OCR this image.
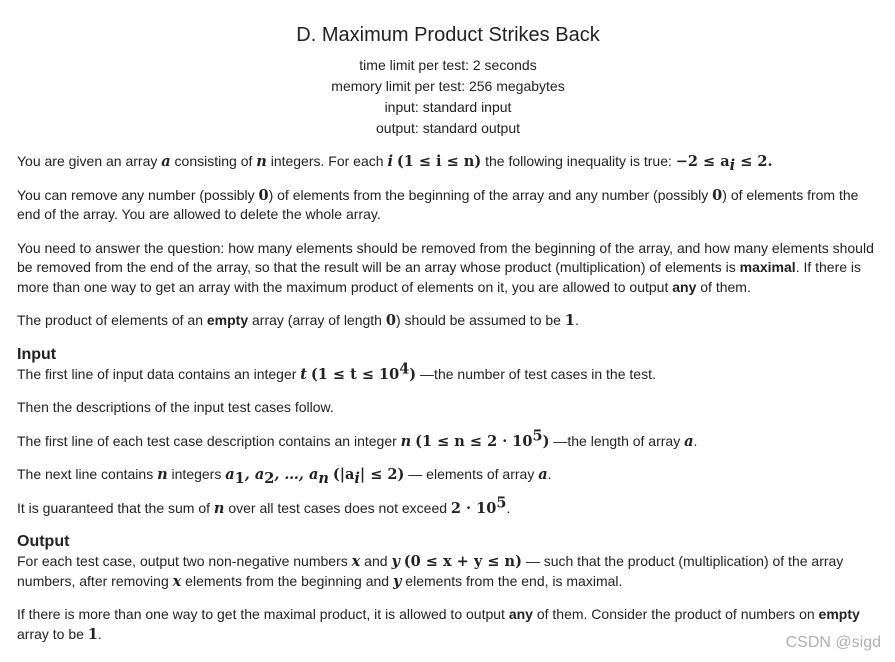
D. Maximum Product Strikes Back
time limit per test: 2 seconds
memory limit per test: 256 megabytes
input: standard input
output: standard output

You are given an array a consisting of n integers. For each i (1 ≤ i ≤ n) the following inequality is true: $-2 \le a_i \le 2$.

You can remove any number (possibly 0) of elements from the beginning of the array and any number (possibly 0) of elements from the end of the array. You are allowed to delete the whole array.

You need to answer the question: how many elements should be removed from the beginning of the array, and how many elements should be removed from the end of the array, so that the result will be an array whose product (multiplication) of elements is maximal. If there is more than one way to get an array with the maximum product of elements on it, you are allowed to output any of them.

The product of elements of an empty array (array of length 0) should be assumed to be 1.

Input

The first line of input data contains an integer t $(1 \le t \le 10^4)$ —the number of test cases in the test.

Then the descriptions of the input test cases follow.

The first line of each test case description contains an integer n $(1 \le n \le 2 \cdot 10^5)$ —the length of array a.

The next line contains n integers $a_1$, $a_2$, …, $a_n$ $(|a_i| \le 2)$ — elements of array a.

It is guaranteed that the sum of n over all test cases does not exceed $2 \cdot 10^5$.

Output

For each test case, output two non-negative numbers x and y (0 ≤ x + y ≤ n) — such that the product (multiplication) of the array numbers, after removing x elements from the beginning and y elements from the end, is maximal.

If there is more than one way to get the maximal product, it is allowed to output any of them. Consider the product of numbers on empty array to be 1.

CSDN @sigd
